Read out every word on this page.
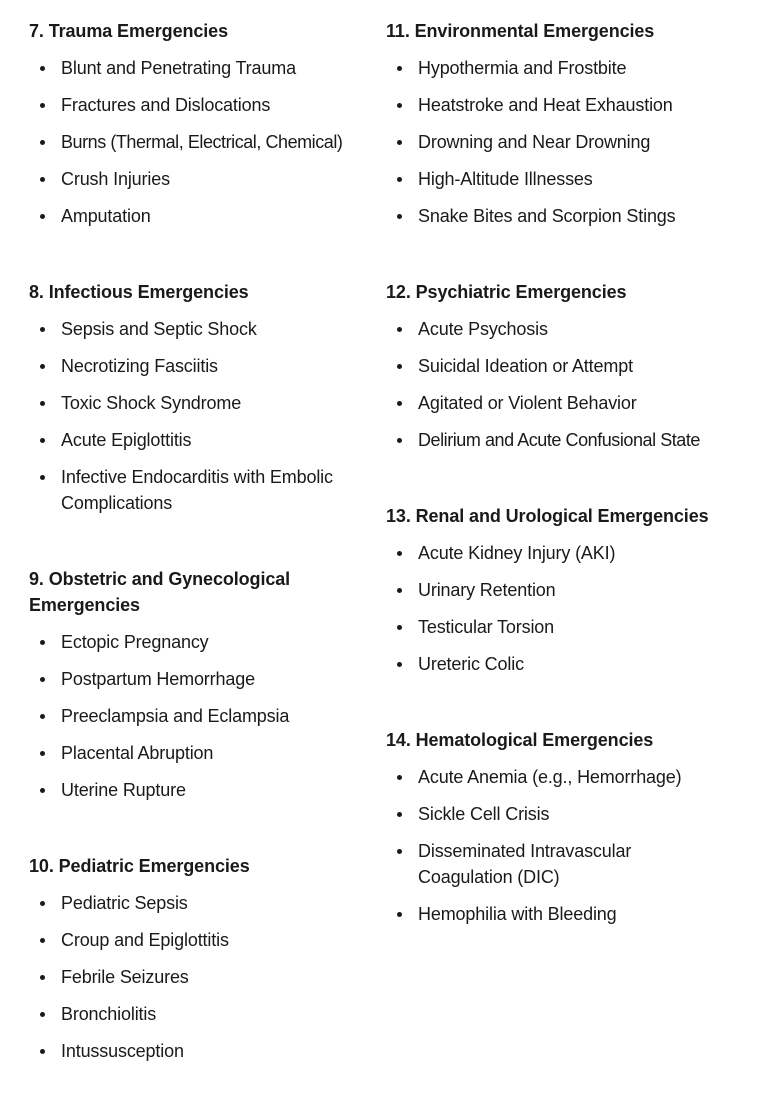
7. Trauma Emergencies
Blunt and Penetrating Trauma
Fractures and Dislocations
Burns (Thermal, Electrical, Chemical)
Crush Injuries
Amputation
8. Infectious Emergencies
Sepsis and Septic Shock
Necrotizing Fasciitis
Toxic Shock Syndrome
Acute Epiglottitis
Infective Endocarditis with Embolic Complications
9. Obstetric and Gynecological Emergencies
Ectopic Pregnancy
Postpartum Hemorrhage
Preeclampsia and Eclampsia
Placental Abruption
Uterine Rupture
10. Pediatric Emergencies
Pediatric Sepsis
Croup and Epiglottitis
Febrile Seizures
Bronchiolitis
Intussusception
11. Environmental Emergencies
Hypothermia and Frostbite
Heatstroke and Heat Exhaustion
Drowning and Near Drowning
High-Altitude Illnesses
Snake Bites and Scorpion Stings
12. Psychiatric Emergencies
Acute Psychosis
Suicidal Ideation or Attempt
Agitated or Violent Behavior
Delirium and Acute Confusional State
13. Renal and Urological Emergencies
Acute Kidney Injury (AKI)
Urinary Retention
Testicular Torsion
Ureteric Colic
14. Hematological Emergencies
Acute Anemia (e.g., Hemorrhage)
Sickle Cell Crisis
Disseminated Intravascular Coagulation (DIC)
Hemophilia with Bleeding
